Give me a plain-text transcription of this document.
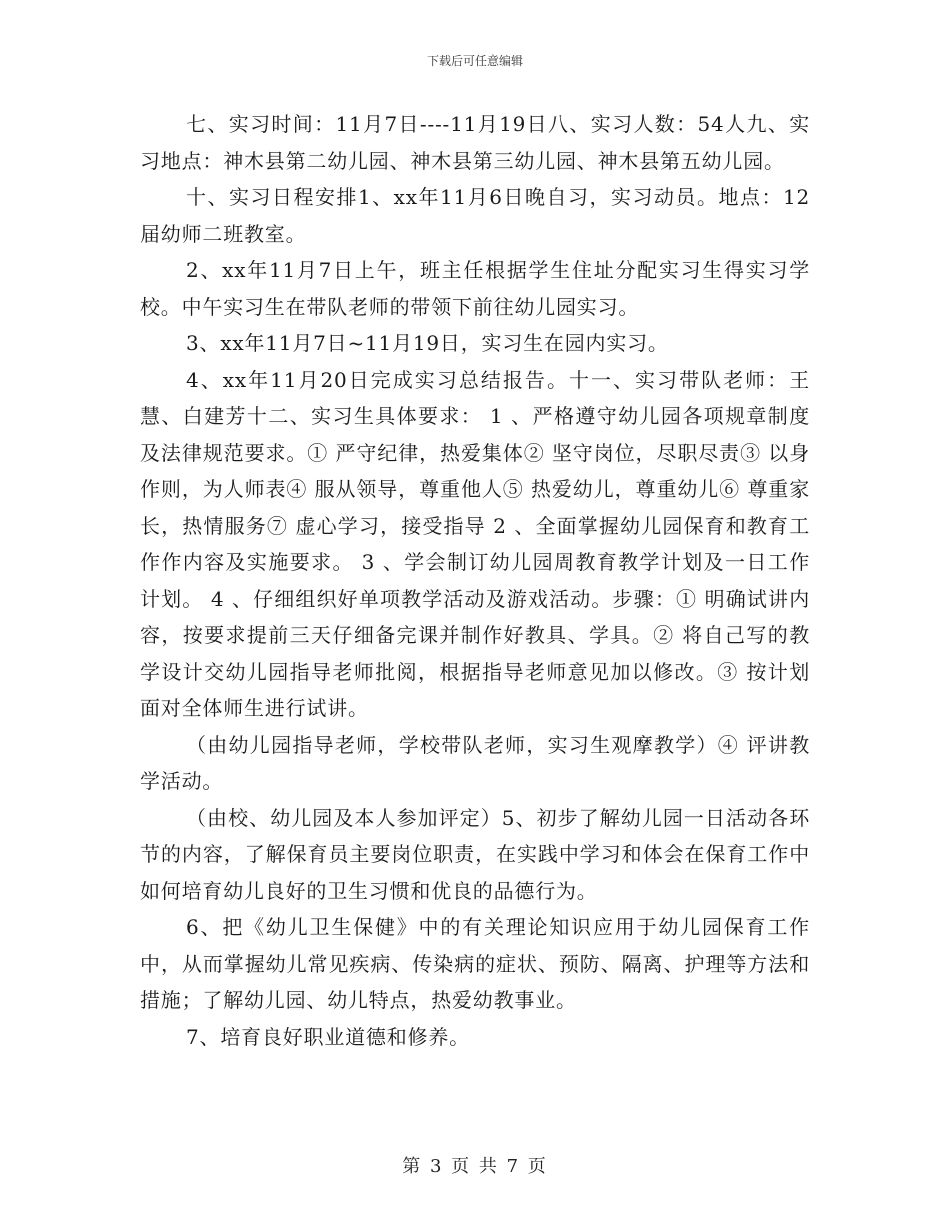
下载后可任意编辑

七、实习时间：11月7日----11月19日八、实习人数：54人九、实习地点：神木县第二幼儿园、神木县第三幼儿园、神木县第五幼儿园。

十、实习日程安排1、xx年11月6日晚自习，实习动员。地点：12届幼师二班教室。

2、xx年11月7日上午，班主任根据学生住址分配实习生得实习学校。中午实习生在带队老师的带领下前往幼儿园实习。

3、xx年11月7日~11月19日，实习生在园内实习。

4、xx年11月20日完成实习总结报告。十一、实习带队老师：王慧、白建芳十二、实习生具体要求： 1 、严格遵守幼儿园各项规章制度及法律规范要求。① 严守纪律，热爱集体② 坚守岗位，尽职尽责③ 以身作则，为人师表④ 服从领导，尊重他人⑤ 热爱幼儿，尊重幼儿⑥ 尊重家长，热情服务⑦ 虚心学习，接受指导 2 、全面掌握幼儿园保育和教育工作作内容及实施要求。 3 、学会制订幼儿园周教育教学计划及一日工作计划。 4 、仔细组织好单项教学活动及游戏活动。步骤：① 明确试讲内容，按要求提前三天仔细备完课并制作好教具、学具。② 将自己写的教学设计交幼儿园指导老师批阅，根据指导老师意见加以修改。③ 按计划面对全体师生进行试讲。

（由幼儿园指导老师，学校带队老师，实习生观摩教学）④ 评讲教学活动。

（由校、幼儿园及本人参加评定）5、初步了解幼儿园一日活动各环节的内容，了解保育员主要岗位职责，在实践中学习和体会在保育工作中如何培育幼儿良好的卫生习惯和优良的品德行为。

6、把《幼儿卫生保健》中的有关理论知识应用于幼儿园保育工作中，从而掌握幼儿常见疾病、传染病的症状、预防、隔离、护理等方法和措施；了解幼儿园、幼儿特点，热爱幼教事业。

7、培育良好职业道德和修养。

第 3 页 共 7 页
